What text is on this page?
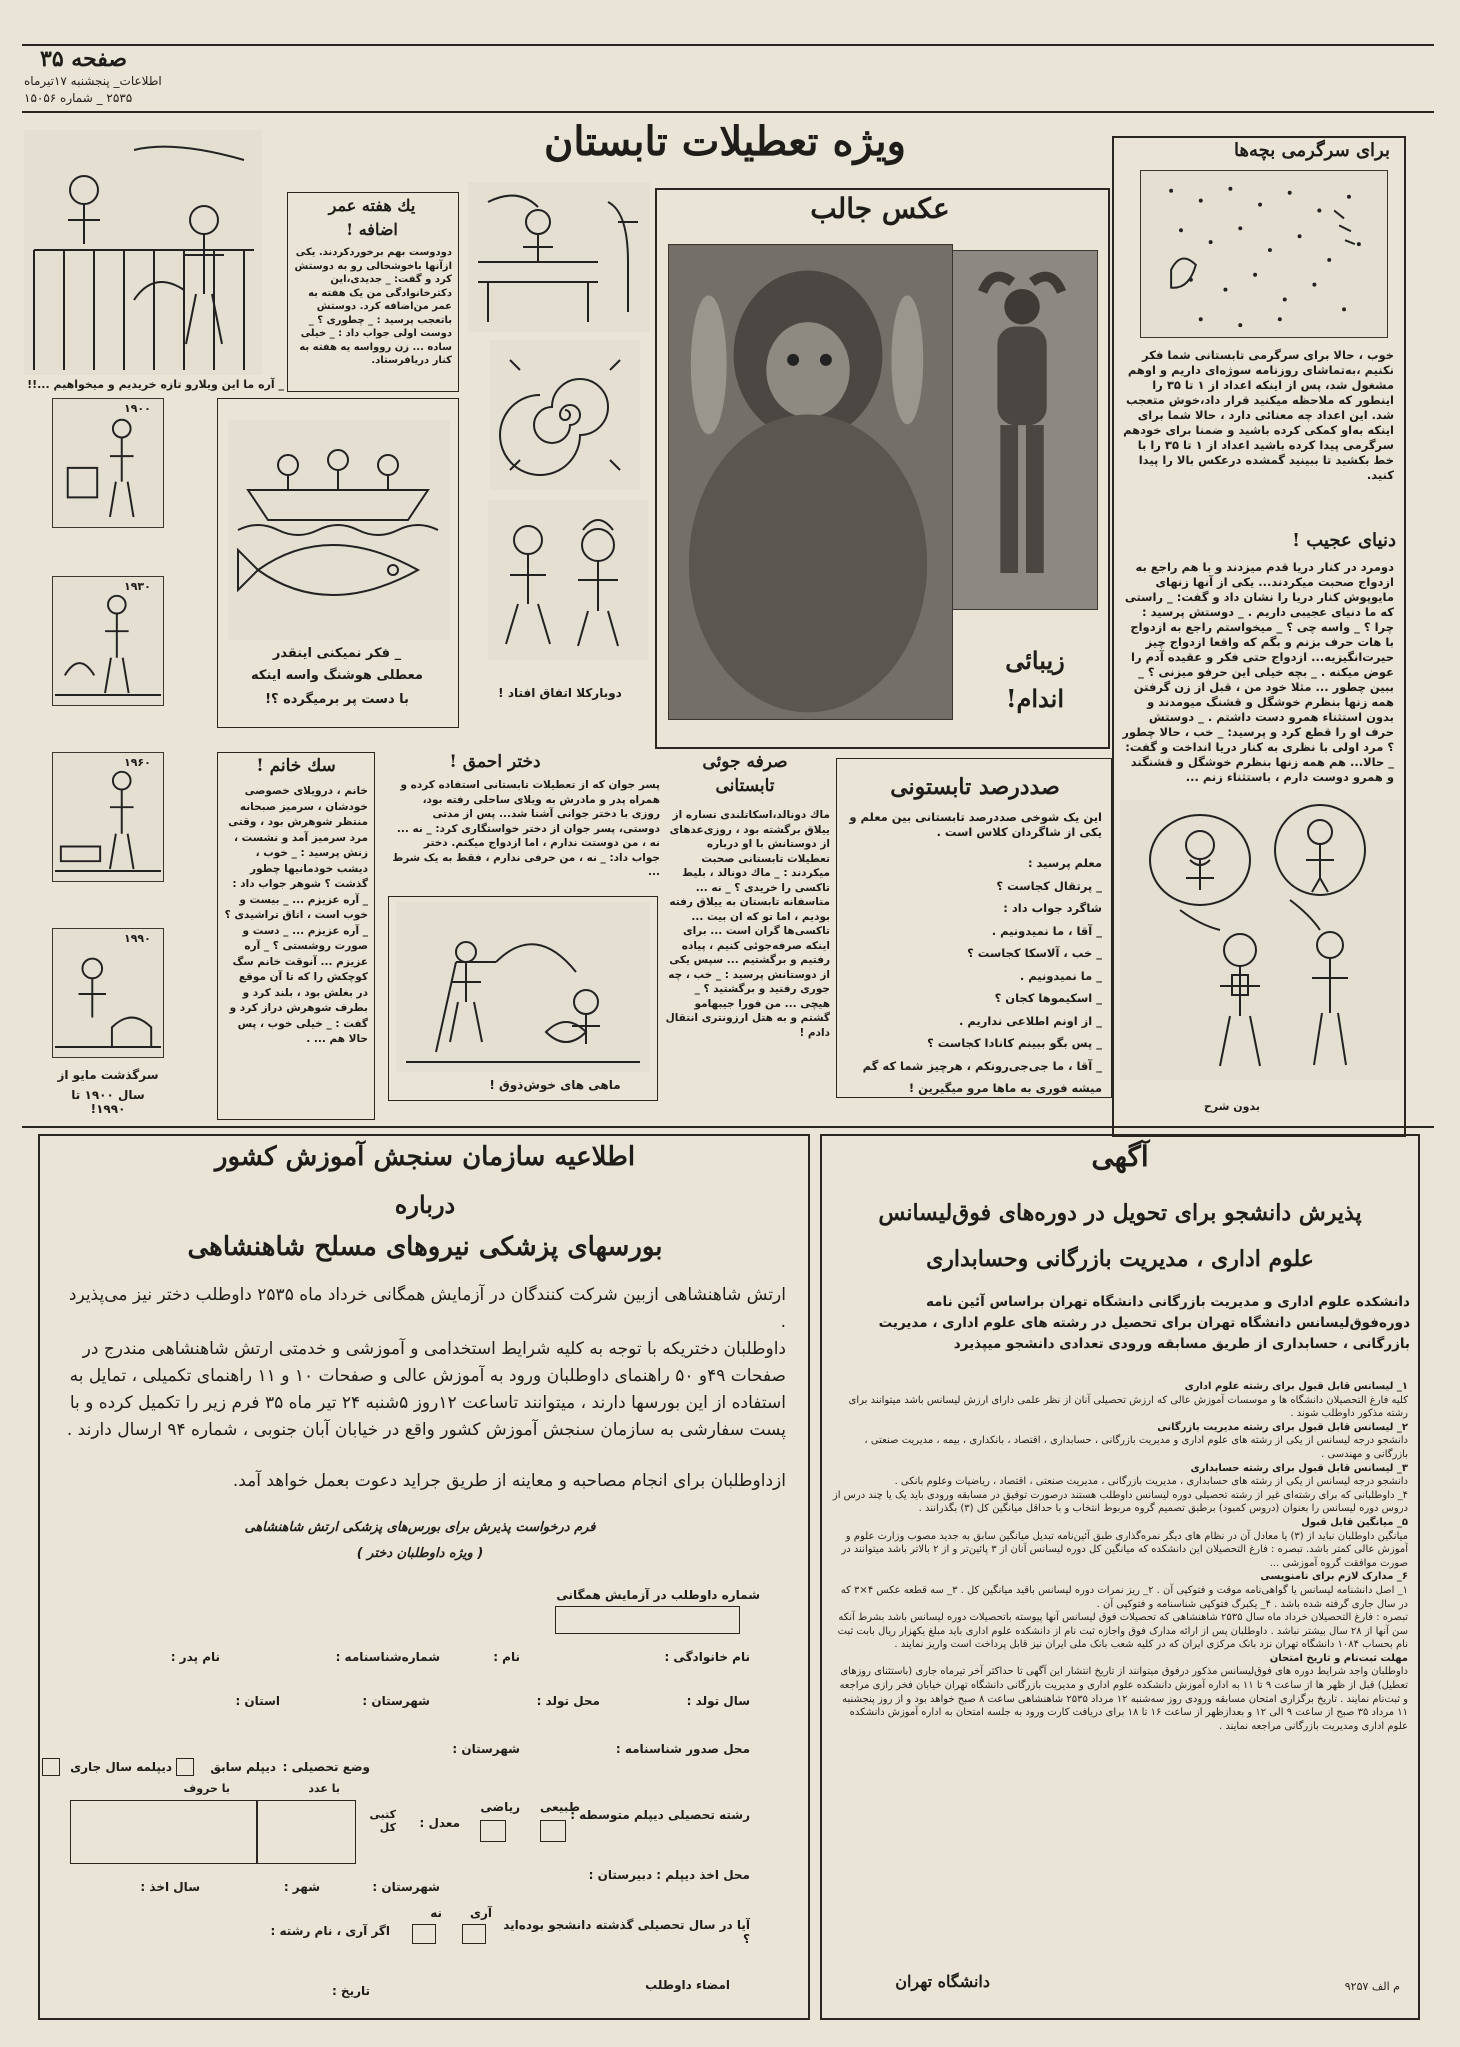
صفحه ۳۵
اطلاعات_ پنجشنبه ۱۷تیرماه
۲۵۳۵ _ شماره ۱۵۰۵۶
ویژه تعطیلات تابستان	برای سرگرمی بچه‌ها
خوب ، حالا برای سرگرمی تابستانی شما فکر نکنیم ،به‌تماشای روزنامه سوژه‌ای داریم و اوهم مشغول شد، پس از اینکه اعداد از ۱ تا ۳۵ را اینطور که ملاحظه میکنید قرار داد،خوش متعجب شد. این اعداد چه معنائی دارد ، حالا شما برای اینکه به‌او کمکی کرده باشید و ضمنا برای خودهم سرگرمی پیدا کرده باشید اعداد از ۱ تا ۳۵ را با خط بکشید تا ببینید گمشده درعکس بالا را پیدا کنید.
دنیای عجیب !
دومرد در کنار دریا قدم میزدند و با هم راجع به ازدواج صحبت میکردند... یکی از آنها زنهای مایوپوش کنار دریا را نشان داد و گفت: _ راستی که ما دنیای عجیبی داریم . _ دوستش پرسید : چرا ؟ _ واسه چی ؟ _ میخواستم راجع به ازدواج با هات حرف بزنم و بگم که واقعا ازدواج چیز حیرت‌انگیزیه... ازدواج حتی فکر و عقیده آدم را عوض میکنه . _ بچه خیلی این حرفو میزنی ؟ _ ببین چطور ... مثلا خود من ، قبل از زن گرفتن همه زنها بنظرم خوشگل و قشنگ میومدند و بدون استثناء همرو دست داشتم . _ دوستش حرف او را قطع کرد و پرسید: _ خب ، حالا چطور ؟ مرد اولی با نظری به کنار دریا انداخت و گفت: _ حالا... هم همه زنها بنظرم خوشگل و قشنگند و همرو دوست دارم ، باستثناء زنم ...
بدون شرح
عکس جالب
زیبائی
اندام!
صددرصد تابستونی
این یک شوخی صددرصد تابستانی بین معلم و یکی از شاگردان کلاس است .
معلم پرسید :
_ پرتقال کجاست ؟
شاگرد جواب داد :
_ آقا ، ما نمیدونیم .
_ خب ، آلاسکا کجاست ؟
_ ما نمیدونیم .
_ اسکیموها کجان ؟
_ از اونم اطلاعی نداریم .
_ پس بگو ببینم کانادا کجاست ؟
_ آقا ، ما جی‌جی‌رونکم ، هرچیز شما که گم میشه فوری به ماها مرو میگیرین !
صرفه جوئی
تابستانی
ماك دونالد،اسكاتلندی تساره از ییلاق برگشته بود ، روزی‌عدهای از دوستانش با او درباره تعطیلات تابستانی صحبت میکردند : _ ماك دونالد ، بلیط تاکسی را خریدی ؟ _ نه ... متاسفانه تابستان به ییلاق رفته بودیم ، اما تو که ان بیت ... تاکسی‌ها گران است ... برای اینکه صرفه‌جوئی کنیم ، پیاده رفتیم و برگشتیم ... سپس یکی از دوستانش پرسید : _ خب ، چه جوری رفتید و برگشتید ؟ _ هیچی ... من فورا‌ جیبهامو گشتم و به هتل ارزونتری انتقال دادم !
دختر احمق !
پسر جوان که از تعطیلات تابستانی استفاده کرده و همراه پدر و مادرش به ویلای ساحلی رفته بود، روزی با دختر جوانی آشنا شد... پس از مدتی دوستی، پسر جوان از دختر خواستگاری کرد: _ نه ... نه ، من دوستت ندارم ، اما ازدواج میکنم. دختر جواب داد: _ نه ، من حرفی ندارم ، فقط به یک شرط ...
ماهی های خوش‌ذوق !
سك خانم !
خانم ، درویلای خصوصی خودشان ، سرمیز صبحانه منتظر شوهرش بود ، وقتی مرد سرمیز آمد و نشست ، زنش پرسید : _ خوب ، دیشب خودمانیها چطور گذشت ؟ شوهر جواب داد : _ آره عزیزم ... _ بیست و خوب است ، اتاق تراشیدی ؟ _ آره عزیزم ... _ دست و صورت روشستی ؟ _ آره عزیزم ... آنوقت خانم سگ کوچکش را که تا آن موقع در بغلش بود ، بلند کرد و بطرف شوهرش دراز کرد و گفت : _ خیلی خوب ، پس حالا هم ... .
یك هفته عمر
اضافه !
دودوست بهم برخوردکردند. یکی ازآنها باخوشحالی رو به دوستش کرد و گفت: _ جدیدی،این دکترخانوادگی من یک هفته به عمر من‌اضافه کرد. دوستش باتعجب پرسید : _ چطوری ؟ _ دوست اولی جواب داد : _ خیلی ساده ... زن روواسه یه هفته به کنار دریافرستاد.
دوبارکلا اتفاق افتاد !
_ فکر نمیکنی اینقدر
معطلی هوشنگ واسه اینکه
با دست پر برمیگرده ؟!
_ آره ما این ویلارو تازه خریدیم و میخواهیم ...!!
۱۹۰۰
۱۹۳۰
۱۹۶۰
۱۹۹۰
سرگذشت مایو از
سال ۱۹۰۰ تا ۱۹۹۰!
اطلاعیه سازمان سنجش آموزش کشور
درباره
بورسهای پزشکی نیروهای مسلح شاهنشاهی
ارتش شاهنشاهی ازبین شرکت کنندگان در آزمایش همگانی خرداد ماه ۲۵۳۵ داوطلب دختر نیز می‌پذیرد .
داوطلبان دختریکه با توجه به کلیه شرایط استخدامی و آموزشی و خدمتی ارتش شاهنشاهی مندرج در صفحات ۴۹و ۵۰ راهنمای داوطلبان ورود به آموزش عالی و صفحات ۱۰ و ۱۱ راهنمای تکمیلی ، تمایل به استفاده از این بورسها دارند ، میتوانند تاساعت ۱۲روز ۵شنبه ۲۴ تیر ماه ۳۵ فرم زیر را تکمیل کرده و با پست سفارشی به سازمان سنجش آموزش کشور واقع در خیابان آبان جنوبی ، شماره ۹۴ ارسال دارند .
ازداوطلبان برای انجام مصاحبه و معاینه از طریق جراید دعوت بعمل خواهد آمد.
فرم درخواست پذیرش برای بورس‌های پزشکی ارتش شاهنشاهی
( ویژه داوطلبان دختر )
شماره داوطلب در آزمایش همگانی
نام خانوادگی :
نام :
شماره‌شناسنامه :
نام پدر :
سال تولد :
محل تولد :
شهرستان :
استان :
محل صدور شناسنامه :
شهرستان :
وضع تحصیلی :
دیپلم سابق
دیپلمه سال جاری
رشته تحصیلی دیپلم متوسطه :
طبیعی
ریاضی
معدل :
کتبی کل
با عدد
با حروف
محل اخذ دیپلم : دبیرستان :
شهرستان :
شهر :
سال اخذ :
آیا در سال تحصیلی گذشته دانشجو بوده‌اید ؟
آری
نه
اگر آری ، نام رشته :
امضاء داوطلب
تاریخ :
آگهی
پذیرش دانشجو برای تحویل در دوره‌های فوق‌لیسانس
علوم اداری ، مدیریت بازرگانی وحسابداری
دانشکده علوم اداری و مدیریت بازرگانی دانشگاه تهران براساس آئین نامه دوره‌فوق‌لیسانس دانشگاه تهران برای تحصیل در رشته های علوم اداری ، مدیریت بازرگانی ، حسابداری از طریق مسابقه ورودی تعدادی دانشجو میپذیرد
۱_ لیسانس قابل قبول برای رشته علوم اداری
کلیه فارغ التحصیلان دانشگاه ها و موسسات آموزش عالی که ارزش تحصیلی آنان از نظر علمی دارای ارزش لیسانس باشد میتوانند برای رشته مذکور داوطلب شوند .
۲_ لیسانس قابل قبول برای رشته مدیریت بازرگانی
دانشجو درجه لیسانس از یکی از رشته های علوم اداری و مدیریت بازرگانی ، حسابداری ، اقتصاد ، بانکداری ، بیمه ، مدیریت صنعتی ، بازرگانی و مهندسی .
۳_ لیسانس قابل قبول برای رشته حسابداری
دانشجو درجه لیسانس از یکی از رشته های حسابداری ، مدیریت بازرگانی ، مدیریت صنعتی ، اقتصاد ، ریاضیات وعلوم بانکی .
۴_ داوطلبانی که برای رشته‌ای غیر از رشته تحصیلی دوره لیسانس داوطلب هستند درصورت توفیق در مسابقه ورودی باید یک یا چند درس از دروس دوره لیسانس را بعنوان (دروس کمبود) برطبق تصمیم گروه مربوط انتخاب و با حداقل میانگین کل (۳) بگذرانند .
۵_ میانگین قابل قبول
میانگین داوطلبان نباید از (۳) یا معادل آن در نظام های دیگر نمره‌گذاری طبق آئین‌نامه تبدیل میانگین سابق به جدید مصوب وزارت علوم و آموزش عالی کمتر باشد. تبصره : فارغ التحصیلان این دانشکده که میانگین کل دوره لیسانس آنان از ۳ پائین‌تر و از ۲ بالاتر باشد میتوانند در صورت موافقت گروه آموزشی ...
۶_ مدارک لازم برای نامنویسی
۱_ اصل دانشنامه لیسانس یا گواهی‌نامه موقت و فتوکپی آن . ۲_ ریز نمرات دوره لیسانس باقید میانگین کل . ۳_ سه قطعه عکس ۴×۳ که در سال جاری گرفته شده باشد . ۴_ یکبرگ فتوکپی شناسنامه و فتوکپی آن .
تبصره : فارغ التحصیلان خرداد ماه سال ۲۵۳۵ شاهنشاهی که تحصیلات فوق لیسانس آنها پیوسته باتحصیلات دوره لیسانس باشد بشرط آنکه سن آنها از ۲۸ سال بیشتر نباشد . داوطلبان پس از ارائه مدارک فوق واجازه ثبت نام از دانشکده علوم اداری باید مبلغ یکهزار ریال بابت ثبت نام بحساب ۱۰۸۴ دانشگاه تهران نزد بانک مرکزی ایران که در کلیه شعب بانک ملی ایران نیز قابل پرداخت است واریز نمایند .
مهلت ثبت‌نام و تاریخ امتحان
داوطلبان واجد شرایط دوره های فوق‌لیسانس مذکور درفوق میتوانند از تاریخ انتشار این آگهی تا حداکثر آخر تیرماه جاری (باستثنای روزهای تعطیل) قبل از ظهر ها از ساعت ۹ تا ۱۱ به اداره آموزش دانشکده علوم اداری و مدیریت بازرگانی دانشگاه تهران خیابان فخر رازی مراجعه و ثبت‌نام نمایند . تاریخ برگزاری امتحان مسابقه ورودی روز سه‌شنبه ۱۲ مرداد ۲۵۳۵ شاهنشاهی ساعت ۸ صبح خواهد بود و از روز پنجشنبه ۱۱ مرداد ۳۵ صبح از ساعت ۹ الی ۱۲ و بعدازظهر از ساعت ۱۶ تا ۱۸ برای دریافت کارت ورود به جلسه امتحان به اداره آموزش دانشکده علوم اداری ومدیریت بازرگانی مراجعه نمایند .
م الف ۹۲۵۷
دانشگاه تهران
